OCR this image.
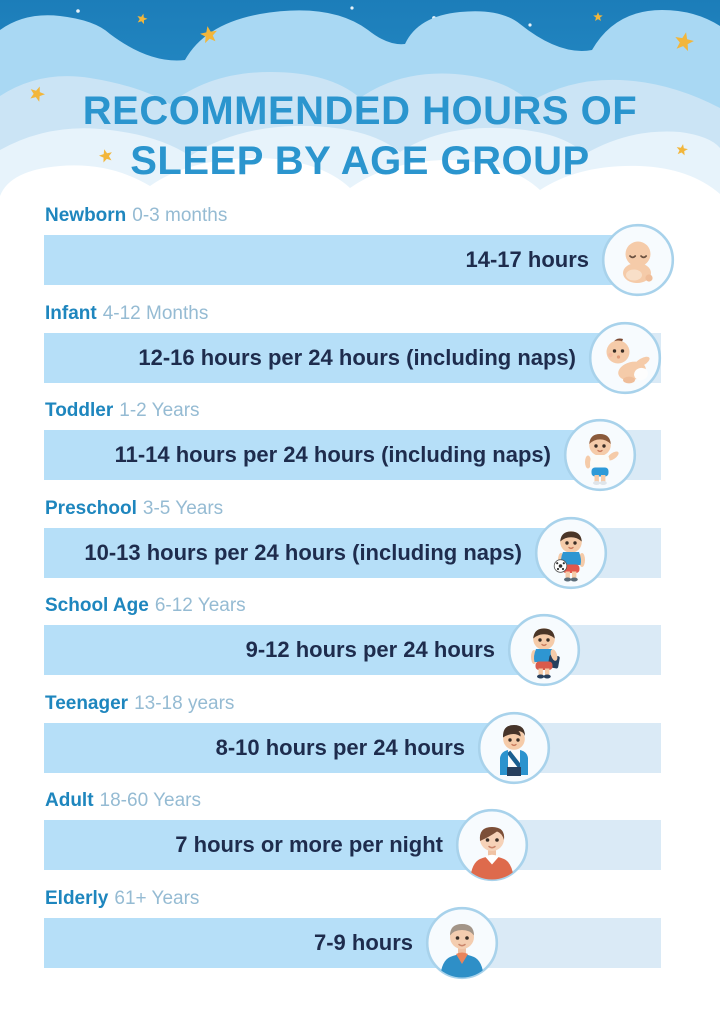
RECOMMENDED HOURS OF
SLEEP BY AGE GROUP
Newborn 0-3 months
14-17 hours
Infant 4-12 Months
12-16 hours per 24 hours (including naps)
Toddler 1-2 Years
11-14 hours per 24 hours (including naps)
Preschool 3-5 Years
10-13 hours per 24 hours (including naps)
School Age 6-12 Years
9-12 hours per 24 hours
Teenager 13-18 years
8-10 hours per 24 hours
Adult 18-60 Years
7 hours or more per night
Elderly 61+ Years
7-9 hours
